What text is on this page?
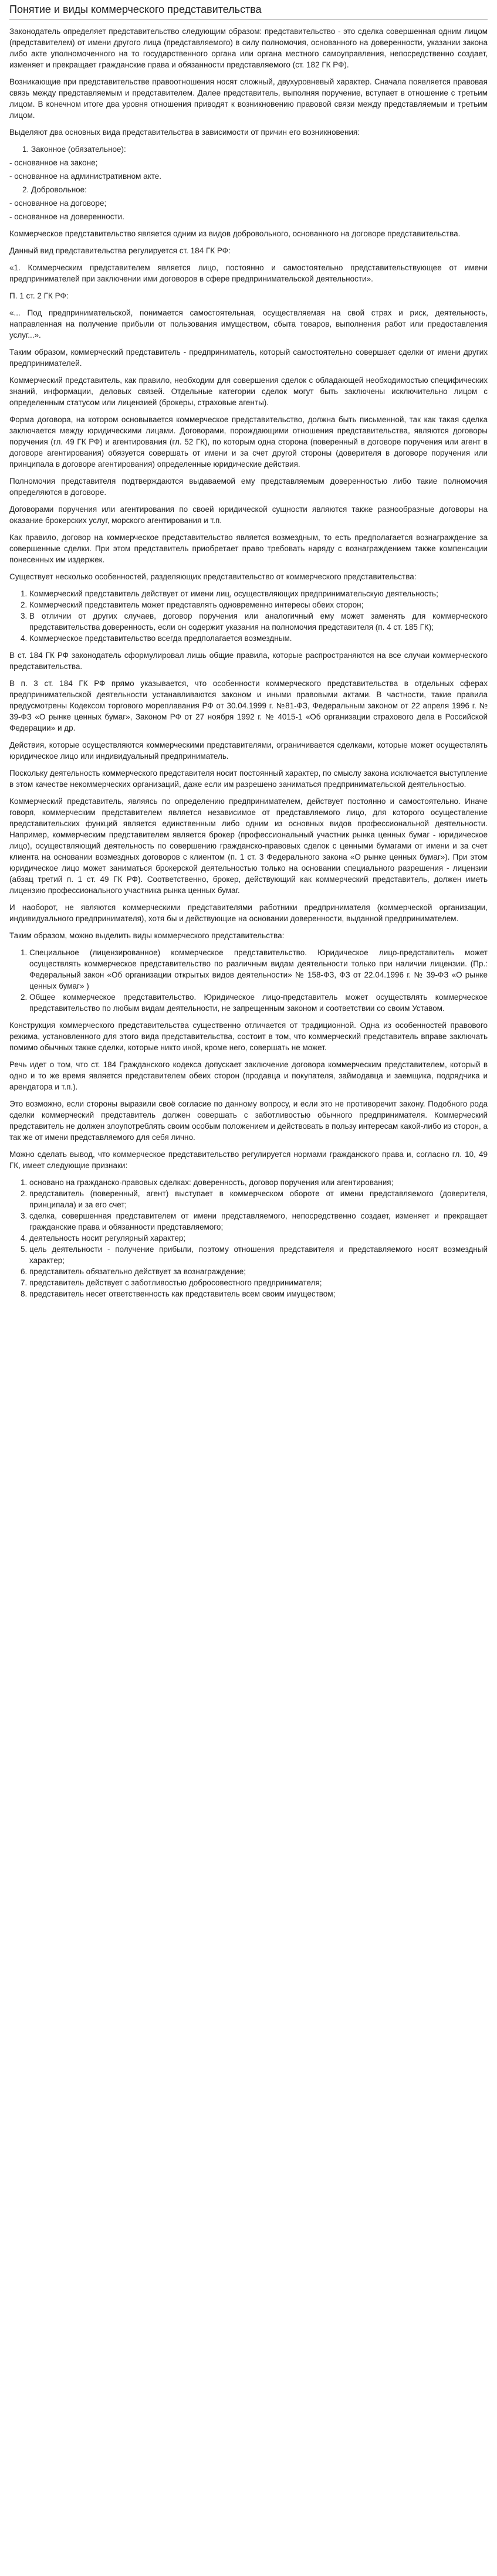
Понятие и виды коммерческого представительства

Законодатель определяет представительство следующим образом: представительство - это сделка совершенная одним лицом (представителем) от имени другого лица (представляемого) в силу полномочия, основанного на доверенности, указании закона либо акте уполномоченного на то государственного органа или органа местного самоуправления, непосредственно создает, изменяет и прекращает гражданские права и обязанности представляемого (ст. 182 ГК РФ).

Возникающие при представительстве правоотношения носят сложный, двухуровневый характер. Сначала появляется правовая связь между представляемым и представителем. Далее представитель, выполняя поручение, вступает в отношение с третьим лицом. В конечном итоге два уровня отношения приводят к возникновению правовой связи между представляемым и третьим лицом.

Выделяют два основных вида представительства в зависимости от причин его возникновения:

1. Законное (обязательное):

- основанное на законе;

- основанное на административном акте.

2. Добровольное:

- основанное на договоре;

- основанное на доверенности.

Коммерческое представительство является одним из видов добровольного, основанного на договоре представительства.

Данный вид представительства регулируется ст. 184 ГК РФ:

«1. Коммерческим представителем является лицо, постоянно и самостоятельно представительствующее от имени предпринимателей при заключении ими договоров в сфере предпринимательской деятельности».

П. 1 ст. 2 ГК РФ:

«... Под предпринимательской, понимается самостоятельная, осуществляемая на свой страх и риск, деятельность, направленная на получение прибыли от пользования имуществом, сбыта товаров, выполнения работ или предоставления услуг...».

Таким образом, коммерческий представитель - предприниматель, который самостоятельно совершает сделки от имени других предпринимателей.

Коммерческий представитель, как правило, необходим для совершения сделок с обладающей необходимостью специфических знаний, информации, деловых связей. Отдельные категории сделок могут быть заключены исключительно лицом с определенным статусом или лицензией (брокеры, страховые агенты).

Форма договора, на котором основывается коммерческое представительство, должна быть письменной, так как такая сделка заключается между юридическими лицами. Договорами, порождающими отношения представительства, являются договоры поручения (гл. 49 ГК РФ) и агентирования (гл. 52 ГК), по которым одна сторона (поверенный в договоре поручения или агент в договоре агентирования) обязуется совершать от имени и за счет другой стороны (доверителя в договоре поручения или принципала в договоре агентирования) определенные юридические действия.

Полномочия представителя подтверждаются выдаваемой ему представляемым доверенностью либо такие полномочия определяются в договоре.

Договорами поручения или агентирования по своей юридической сущности являются также разнообразные договоры на оказание брокерских услуг, морского агентирования и т.п.

Как правило, договор на коммерческое представительство является возмездным, то есть предполагается вознаграждение за совершенные сделки. При этом представитель приобретает право требовать наряду с вознаграждением также компенсации понесенных им издержек.

Существует несколько особенностей, разделяющих представительство от коммерческого представительства:

1. Коммерческий представитель действует от имени лиц, осуществляющих предпринимательскую деятельность;
2. Коммерческий представитель может представлять одновременно интересы обеих сторон;
3. В отличии от других случаев, договор поручения или аналогичный ему может заменять для коммерческого представительства доверенность, если он содержит указания на полномочия представителя (п. 4 ст. 185 ГК);
4. Коммерческое представительство всегда предполагается возмездным.

В ст. 184 ГК РФ законодатель сформулировал лишь общие правила, которые распространяются на все случаи коммерческого представительства.

В п. 3 ст. 184 ГК РФ прямо указывается, что особенности коммерческого представительства в отдельных сферах предпринимательской деятельности устанавливаются законом и иными правовыми актами. В частности, такие правила предусмотрены Кодексом торгового мореплавания РФ от 30.04.1999 г. №81-ФЗ, Федеральным законом от 22 апреля 1996 г. № 39-ФЗ «О рынке ценных бумаг», Законом РФ от 27 ноября 1992 г. № 4015-1 «Об организации страхового дела в Российской Федерации» и др.

Действия, которые осуществляются коммерческими представителями, ограничивается сделками, которые может осуществлять юридическое лицо или индивидуальный предприниматель.

Поскольку деятельность коммерческого представителя носит постоянный характер, по смыслу закона исключается выступление в этом качестве некоммерческих организаций, даже если им разрешено заниматься предпринимательской деятельностью.

Коммерческий представитель, являясь по определению предпринимателем, действует постоянно и самостоятельно. Иначе говоря, коммерческим представителем является независимое от представляемого лицо, для которого осуществление представительских функций является единственным либо одним из основных видов профессиональной деятельности. Например, коммерческим представителем является брокер (профессиональный участник рынка ценных бумаг - юридическое лицо), осуществляющий деятельность по совершению гражданско-правовых сделок с ценными бумагами от имени и за счет клиента на основании возмездных договоров с клиентом (п. 1 ст. 3 Федерального закона «О рынке ценных бумаг»). При этом юридическое лицо может заниматься брокерской деятельностью только на основании специального разрешения - лицензии (абзац третий п. 1 ст. 49 ГК РФ). Соответственно, брокер, действующий как коммерческий представитель, должен иметь лицензию профессионального участника рынка ценных бумаг.

И наоборот, не являются коммерческими представителями работники предпринимателя (коммерческой организации, индивидуального предпринимателя), хотя бы и действующие на основании доверенности, выданной предпринимателем.

Таким образом, можно выделить виды коммерческого представительства:

1. Специальное (лицензированное) коммерческое представительство. Юридическое лицо-представитель может осуществлять коммерческое представительство по различным видам деятельности только при наличии лицензии. (Пр.: Федеральный закон «Об организации открытых видов деятельности» № 158-ФЗ, ФЗ от 22.04.1996 г. № 39-ФЗ «О рынке ценных бумаг» )
2. Общее коммерческое представительство. Юридическое лицо-представитель может осуществлять коммерческое представительство по любым видам деятельности, не запрещенным законом и соответствии со своим Уставом.

Конструкция коммерческого представительства существенно отличается от традиционной. Одна из особенностей правового режима, установленного для этого вида представительства, состоит в том, что коммерческий представитель вправе заключать помимо обычных также сделки, которые никто иной, кроме него, совершать не может.

Речь идет о том, что ст. 184 Гражданского кодекса допускает заключение договора коммерческим представителем, который в одно и то же время является представителем обеих сторон (продавца и покупателя, займодавца и заемщика, подрядчика и арендатора и т.п.).

Это возможно, если стороны выразили своё согласие по данному вопросу, и если это не противоречит закону. Подобного рода сделки коммерческий представитель должен совершать с заботливостью обычного предпринимателя. Коммерческий представитель не должен злоупотреблять своим особым положением и действовать в пользу интересам какой-либо из сторон, а так же от имени представляемого для себя лично.

Можно сделать вывод, что коммерческое представительство регулируется нормами гражданского права и, согласно гл. 10, 49 ГК, имеет следующие признаки:

1. основано на гражданско-правовых сделках: доверенность, договор поручения или агентирования;
2. представитель (поверенный, агент) выступает в коммерческом обороте от имени представляемого (доверителя, принципала) и за его счет;
3. сделка, совершенная представителем от имени представляемого, непосредственно создает, изменяет и прекращает гражданские права и обязанности представляемого;
4. деятельность носит регулярный характер;
5. цель деятельности - получение прибыли, поэтому отношения представителя и представляемого носят возмездный характер;
6. представитель обязательно действует за вознаграждение;
7. представитель действует с заботливостью добросовестного предпринимателя;
8. представитель несет ответственность как представитель всем своим имуществом;
